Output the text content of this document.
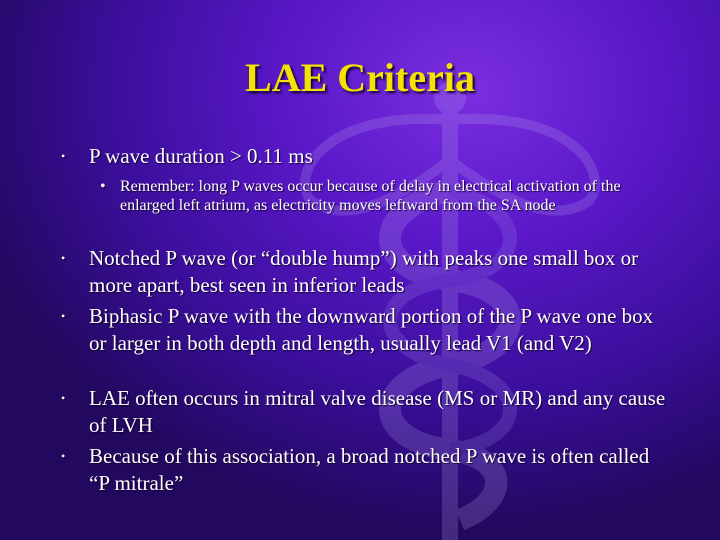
LAE Criteria
• P wave duration > 0.11 ms
• Remember: long P waves occur because of delay in electrical activation of the enlarged left atrium, as electricity moves leftward from the SA node
• Notched P wave (or “double hump”) with peaks one small box or more apart, best seen in inferior leads
• Biphasic P wave with the downward portion of the P wave one box or larger in both depth and length, usually lead V1 (and V2)
• LAE often occurs in mitral valve disease (MS or MR) and any cause of LVH
• Because of this association, a broad notched P wave is often called “P mitrale”
